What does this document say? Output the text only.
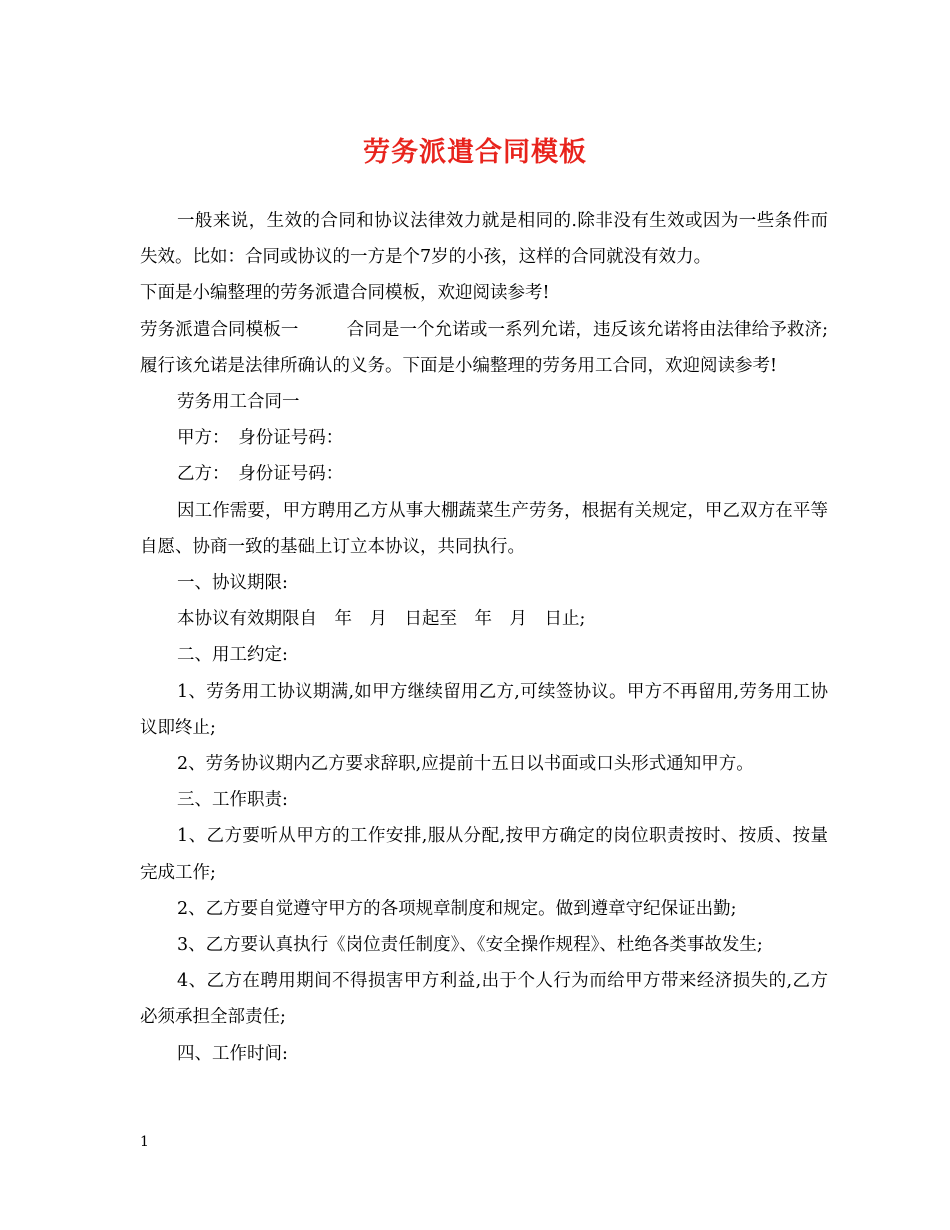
劳务派遣合同模板

一般来说，生效的合同和协议法律效力就是相同的.除非没有生效或因为一些条件而失效。比如：合同或协议的一方是个7岁的小孩，这样的合同就没有效力。

下面是小编整理的劳务派遣合同模板，欢迎阅读参考!

劳务派遣合同模板一	合同是一个允诺或一系列允诺，违反该允诺将由法律给予救济;履行该允诺是法律所确认的义务。下面是小编整理的劳务用工合同，欢迎阅读参考!

劳务用工合同一

甲方：　身份证号码：

乙方：　身份证号码：

因工作需要，甲方聘用乙方从事大棚蔬菜生产劳务，根据有关规定，甲乙双方在平等自愿、协商一致的基础上订立本协议，共同执行。

一、协议期限:

本协议有效期限自　年　月　日起至　年　月　日止;

二、用工约定:

1、劳务用工协议期满,如甲方继续留用乙方,可续签协议。甲方不再留用,劳务用工协议即终止;

2、劳务协议期内乙方要求辞职,应提前十五日以书面或口头形式通知甲方。

三、工作职责:

1、乙方要听从甲方的工作安排,服从分配,按甲方确定的岗位职责按时、按质、按量完成工作;

2、乙方要自觉遵守甲方的各项规章制度和规定。做到遵章守纪保证出勤;

3、乙方要认真执行《岗位责任制度》、《安全操作规程》、杜绝各类事故发生;

4、乙方在聘用期间不得损害甲方利益,出于个人行为而给甲方带来经济损失的,乙方必须承担全部责任;

四、工作时间:

1
